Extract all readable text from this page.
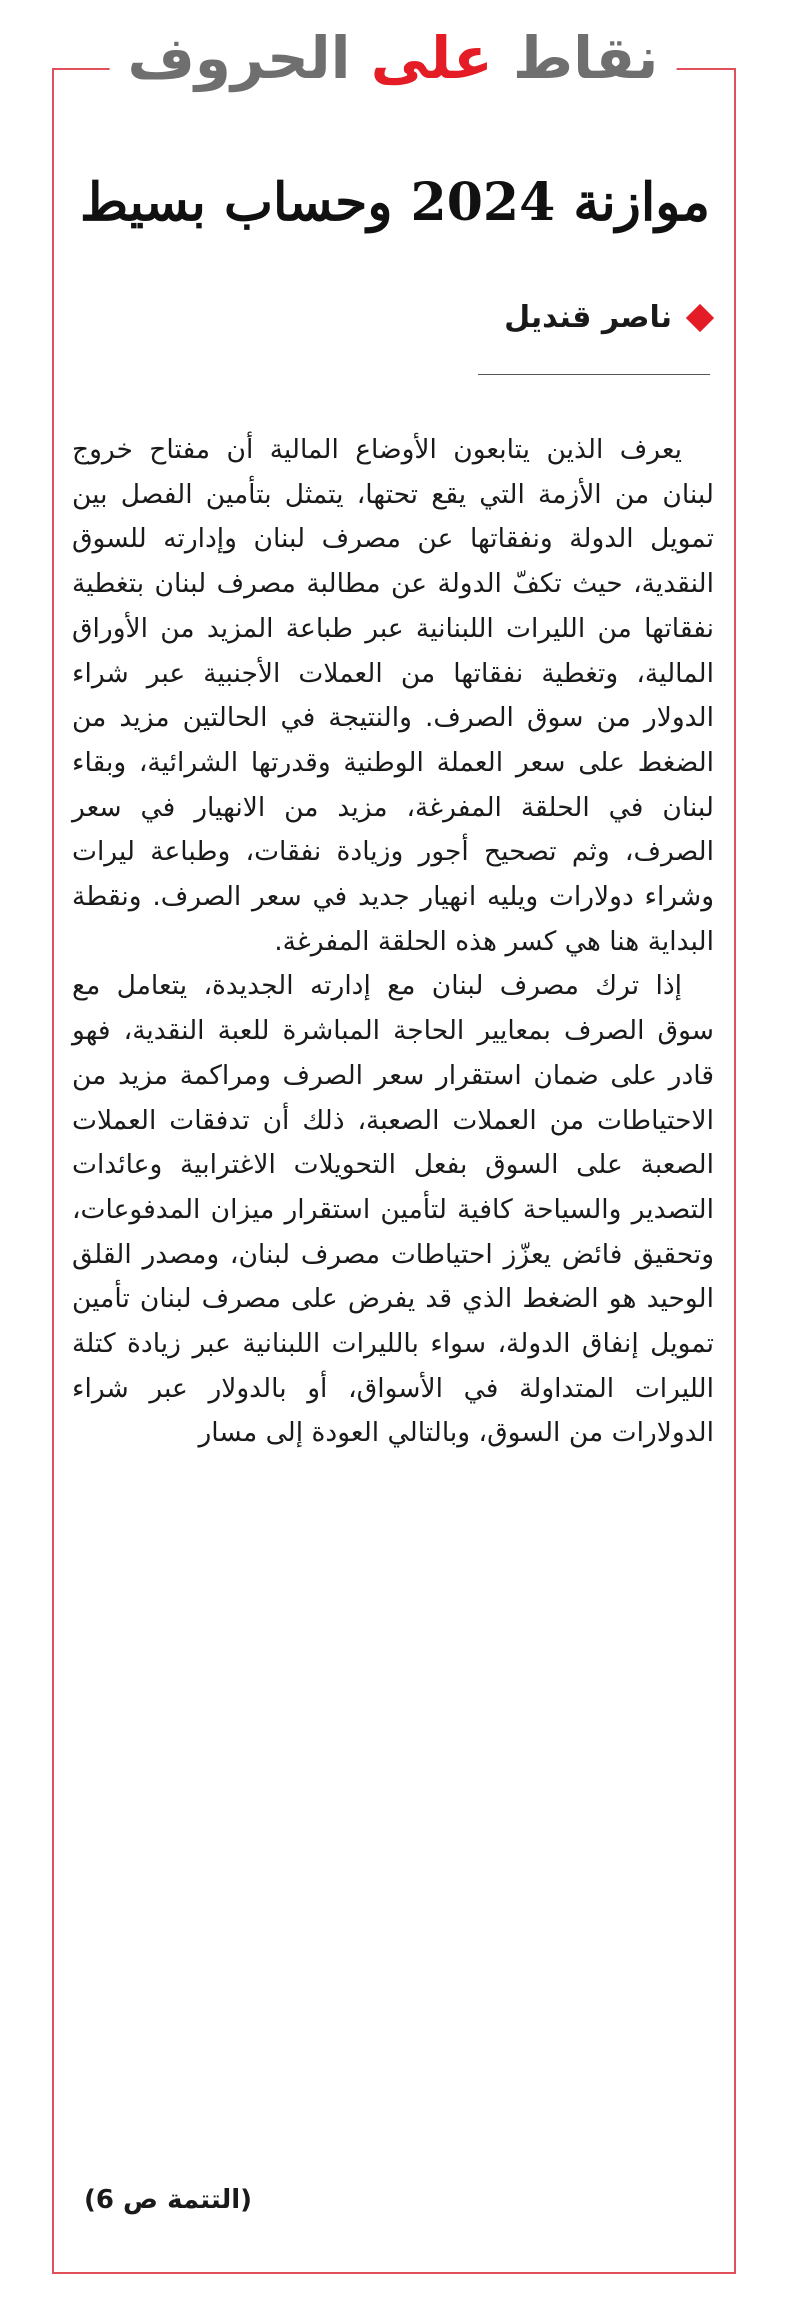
نقاط على الحروف
موازنة 2024 وحساب بسيط
ناصر قنديل

يعرف الذين يتابعون الأوضاع المالية أن مفتاح خروج لبنان من الأزمة التي يقع تحتها، يتمثل بتأمين الفصل بين تمويل الدولة ونفقاتها عن مصرف لبنان وإدارته للسوق النقدية، حيث تكفّ الدولة عن مطالبة مصرف لبنان بتغطية نفقاتها من الليرات اللبنانية عبر طباعة المزيد من الأوراق المالية، وتغطية نفقاتها من العملات الأجنبية عبر شراء الدولار من سوق الصرف. والنتيجة في الحالتين مزيد من الضغط على سعر العملة الوطنية وقدرتها الشرائية، وبقاء لبنان في الحلقة المفرغة، مزيد من الانهيار في سعر الصرف، وثم تصحيح أجور وزيادة نفقات، وطباعة ليرات وشراء دولارات ويليه انهيار جديد في سعر الصرف. ونقطة البداية هنا هي كسر هذه الحلقة المفرغة.

إذا ترك مصرف لبنان مع إدارته الجديدة، يتعامل مع سوق الصرف بمعايير الحاجة المباشرة للعبة النقدية، فهو قادر على ضمان استقرار سعر الصرف ومراكمة مزيد من الاحتياطات من العملات الصعبة، ذلك أن تدفقات العملات الصعبة على السوق بفعل التحويلات الاغترابية وعائدات التصدير والسياحة كافية لتأمين استقرار ميزان المدفوعات، وتحقيق فائض يعزّز احتياطات مصرف لبنان، ومصدر القلق الوحيد هو الضغط الذي قد يفرض على مصرف لبنان تأمين تمويل إنفاق الدولة، سواء بالليرات اللبنانية عبر زيادة كتلة الليرات المتداولة في الأسواق، أو بالدولار عبر شراء الدولارات من السوق، وبالتالي العودة إلى مسار

(التتمة ص 6)
